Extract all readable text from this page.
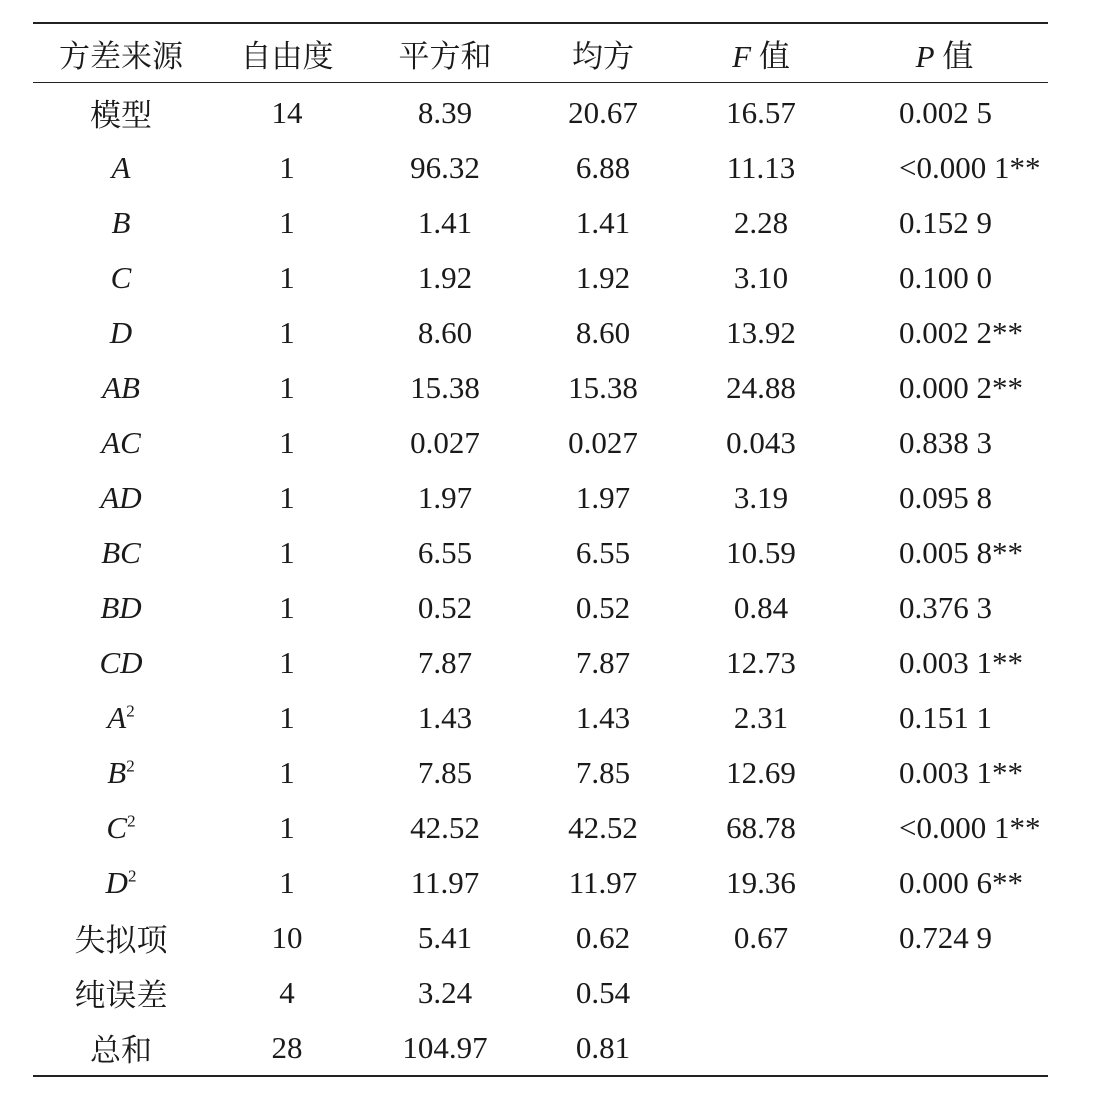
方差来源	自由度	平方和	均方	F 值	P 值
模型	14	8.39	20.67	16.57	0.002 5
A	1	96.32	6.88	11.13	<0.000 1**
B	1	1.41	1.41	2.28	0.152 9
C	1	1.92	1.92	3.10	0.100 0
D	1	8.60	8.60	13.92	0.002 2**
AB	1	15.38	15.38	24.88	0.000 2**
AC	1	0.027	0.027	0.043	0.838 3
AD	1	1.97	1.97	3.19	0.095 8
BC	1	6.55	6.55	10.59	0.005 8**
BD	1	0.52	0.52	0.84	0.376 3
CD	1	7.87	7.87	12.73	0.003 1**
$A^2$	1	1.43	1.43	2.31	0.151 1
$B^2$	1	7.85	7.85	12.69	0.003 1**
$C^2$	1	42.52	42.52	68.78	<0.000 1**
$D^2$	1	11.97	11.97	19.36	0.000 6**
失拟项	10	5.41	0.62	0.67	0.724 9
纯误差	4	3.24	0.54		
总和	28	104.97	0.81		
